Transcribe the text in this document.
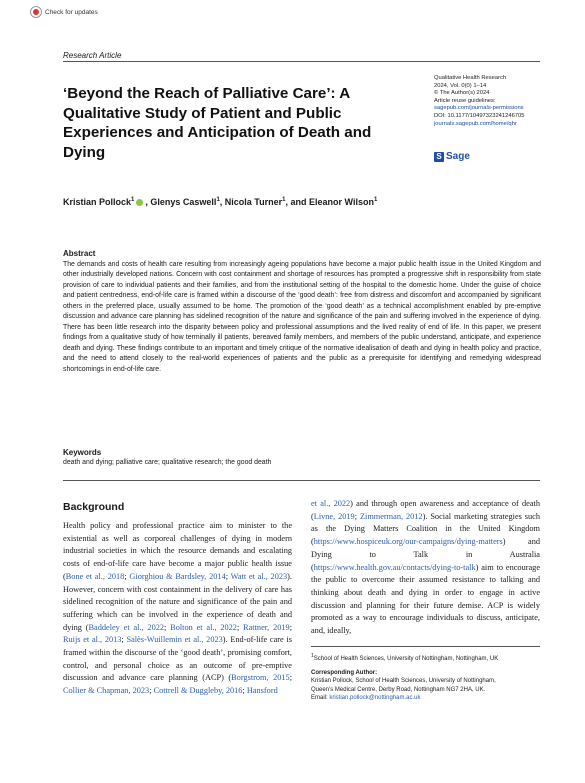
Check for updates
Research Article
‘Beyond the Reach of Palliative Care’: A Qualitative Study of Patient and Public Experiences and Anticipation of Death and Dying
Qualitative Health Research
2024, Vol. 0(0) 1–14
© The Author(s) 2024
Article reuse guidelines:
sagepub.com/journals-permissions
DOI: 10.1177/10497323241246705
journals.sagepub.com/home/qhr
S Sage
Kristian Pollock$^1$ , Glenys Caswell$^1$, Nicola Turner$^1$, and Eleanor Wilson$^1$
Abstract
The demands and costs of health care resulting from increasingly ageing populations have become a major public health issue in the United Kingdom and other industrially developed nations. Concern with cost containment and shortage of resources has prompted a progressive shift in responsibility from state provision of care to individual patients and their families, and from the institutional setting of the hospital to the domestic home. Under the guise of choice and patient centredness, end-of-life care is framed within a discourse of the ‘good death’: free from distress and discomfort and accompanied by significant others in the preferred place, usually assumed to be home. The promotion of the ‘good death’ as a technical accomplishment enabled by pre-emptive discussion and advance care planning has sidelined recognition of the nature and significance of the pain and suffering involved in the experience of dying. There has been little research into the disparity between policy and professional assumptions and the lived reality of end of life. In this paper, we present findings from a qualitative study of how terminally ill patients, bereaved family members, and members of the public understand, anticipate, and experience death and dying. These findings contribute to an important and timely critique of the normative idealisation of death and dying in health policy and practice, and the need to attend closely to the real-world experiences of patients and the public as a prerequisite for identifying and remedying widespread shortcomings in end-of-life care.
Keywords
death and dying; palliative care; qualitative research; the good death
Background
Health policy and professional practice aim to minister to the existential as well as corporeal challenges of dying in modern industrial societies in which the resource demands and escalating costs of end-of-life care have become a major public health issue (Bone et al., 2018; Giorghiou & Bardsley, 2014; Watt et al., 2023). However, concern with cost containment in the delivery of care has sidelined recognition of the nature and significance of the pain and suffering which can be involved in the experience of death and dying (Baddeley et al., 2022; Bolton et al., 2022; Rattner, 2019; Ruijs et al., 2013; Salès-Wuillemin et al., 2023). End-of-life care is framed within the discourse of the ‘good death’, promising comfort, control, and personal choice as an outcome of pre-emptive discussion and advance care planning (ACP) (Borgstrom, 2015; Collier & Chapman, 2023; Cottrell & Duggleby, 2016; Hansford
et al., 2022) and through open awareness and acceptance of death (Livne, 2019; Zimmerman, 2012). Social marketing strategies such as the Dying Matters Coalition in the United Kingdom (https://www.hospiceuk.org/our-campaigns/dying-matters) and Dying to Talk in Australia (https://www.health.gov.au/contacts/dying-to-talk) aim to encourage the public to overcome their assumed resistance to talking and thinking about death and dying in order to engage in active discussion and planning for their future demise. ACP is widely promoted as a way to encourage individuals to discuss, anticipate, and, ideally,
$^1$School of Health Sciences, University of Nottingham, Nottingham, UK
Corresponding Author:
Kristian Pollock, School of Health Sciences, University of Nottingham,
Queen’s Medical Centre, Derby Road, Nottingham NG7 2HA, UK.
Email: kristian.pollock@nottingham.ac.uk
